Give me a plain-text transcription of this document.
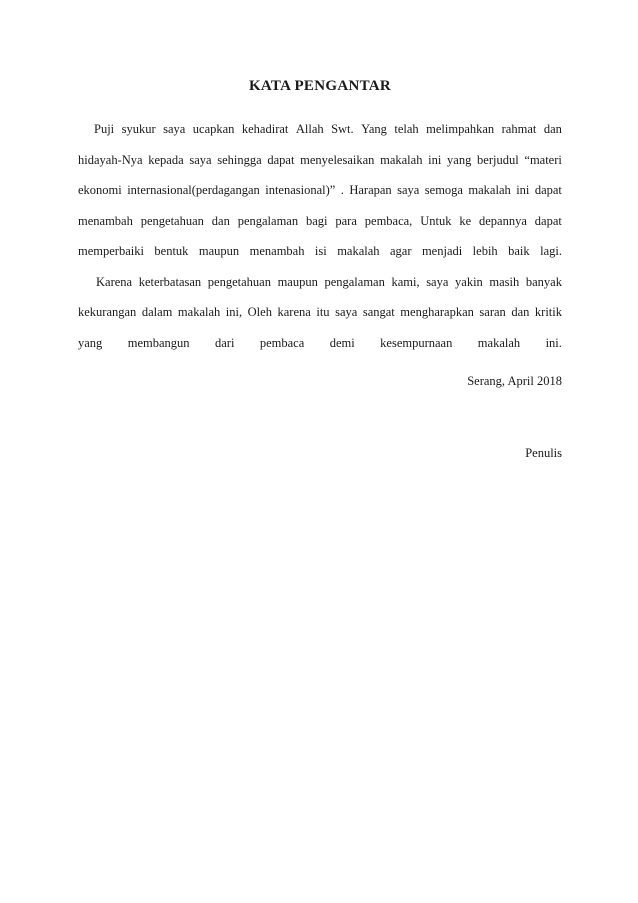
KATA PENGANTAR
Puji syukur saya ucapkan kehadirat Allah Swt. Yang telah melimpahkan rahmat dan
hidayah-Nya kepada saya sehingga dapat menyelesaikan makalah ini yang berjudul “materi
ekonomi internasional(perdagangan intenasional)” . Harapan saya semoga makalah ini dapat
menambah pengetahuan dan pengalaman bagi para pembaca, Untuk ke depannya dapat
memperbaiki bentuk maupun menambah isi makalah agar menjadi lebih baik lagi.
Karena keterbatasan pengetahuan maupun pengalaman kami, saya yakin masih banyak
kekurangan dalam makalah ini, Oleh karena itu saya sangat mengharapkan saran dan kritik
yang membangun dari pembaca demi kesempurnaan makalah ini.
Serang, April 2018
Penulis
